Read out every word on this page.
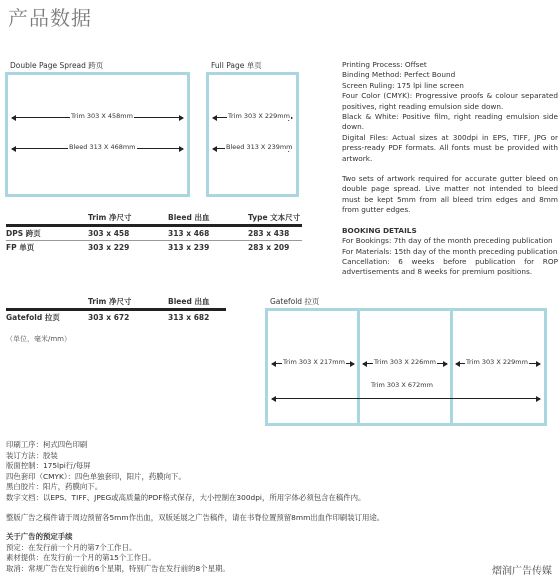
产品数据
Double Page Spread 跨页
Trim 303 X 458mm
Bleed 313 X 468mm
Full Page 单页
Trim 303 X 229mm
Bleed 313 X 239mm
	Trim 净尺寸	Bleed 出血	Type 文本尺寸
DPS 跨页	303 x 458	313 x 468	283 x 438
FP 单页	303 x 229	313 x 239	283 x 209
	Trim 净尺寸	Bleed 出血
Gatefold 拉页	303 x 672	313 x 682
（单位，毫米/mm）
Gatefold 拉页
Trim 303 X 217mm	Trim 303 X 226mm	Trim 303 X 229mm
Trim 303 X 672mm

Printing Process: Offset

Binding Method: Perfect Bound

Screen Ruling: 175 lpi line screen

Four Color (CMYK): Progressive proofs & colour separated positives, right reading emulsion side down.

Black & White: Positive film, right reading emulsion side down.

Digital Files: Actual sizes at 300dpi in EPS, TIFF, JPG or press-ready PDF formats. All fonts must be provided with artwork.

Two sets of artwork required for accurate gutter bleed on double page spread. Live matter not intended to bleed must be kept 5mm from all bleed trim edges and 8mm from gutter edges.

BOOKING DETAILS

For Bookings: 7th day of the month preceding publication

For Materials: 15th day of the month preceding publication

Cancellation: 6 weeks before publication for ROP advertisements and 8 weeks for premium positions.

印刷工序：柯式四色印刷
装订方法：胶装
版面控制：175lpi行/每屏
四色套印（CMYK）：四色单独套印，阳片，药膜向下。
黑白胶片：阳片，药膜向下。
数字文档：以EPS、TIFF、JPEG或高质量的PDF格式保存，大小控制在300dpi，所用字体必须包含在稿件内。
整版广告之稿件请于周边预留各5mm作出血，双版延展之广告稿件，请在书脊位置预留8mm出血作印刷装订用途。
关于广告的预定手续
预定：在发行前一个月的第7个工作日。
素材提供：在发行前一个月的第15个工作日。
取消：常规广告在发行前的6个星期，特别广告在发行前的8个星期。	熠润广告传媒
